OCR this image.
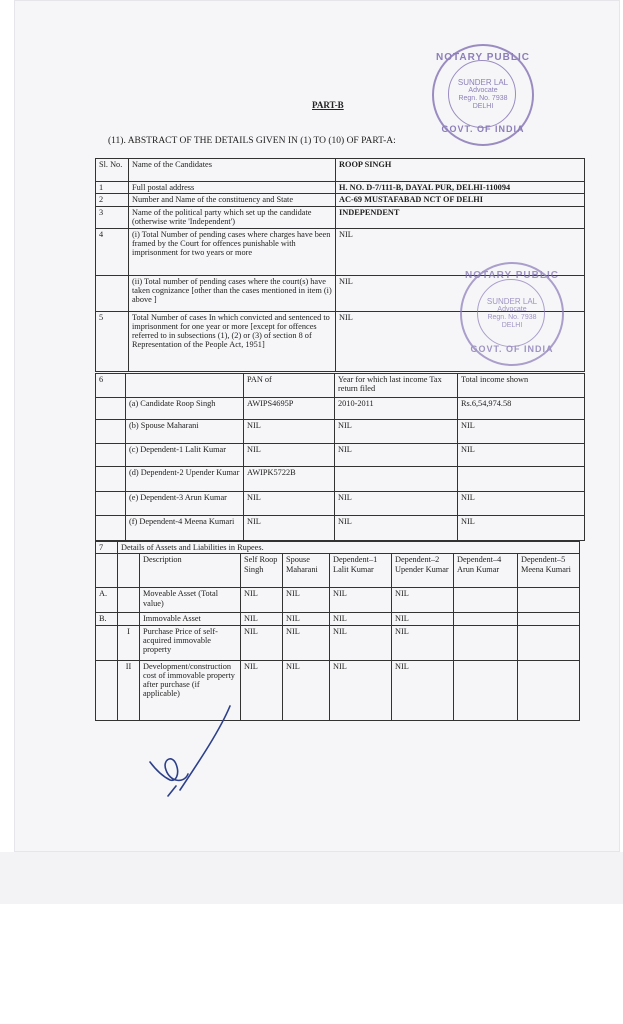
PART-B
(11). ABSTRACT OF THE DETAILS GIVEN IN (1) TO (10) OF PART-A:
NOTARY PUBLIC
SUNDER LAL
Advocate
Regn. No. 7938
DELHI
GOVT. OF INDIA
Sl. No.	Name of the Candidates	ROOP SINGH
1	Full postal address	H. NO. D-7/111-B, DAYAL PUR, DELHI-110094
2	Number and Name of the constituency and State	AC-69 MUSTAFABAD NCT OF DELHI
3	Name of the political party which set up the candidate (otherwise write 'Independent')	INDEPENDENT
4	(i) Total Number of pending cases where charges have been framed by the Court for offences punishable with imprisonment for two years or more	NIL
	(ii) Total number of pending cases where the court(s) have taken cognizance [other than the cases mentioned in item (i) above ]	NIL
5	Total Number of cases In which convicted and sentenced to imprisonment for one year or more [except for offences referred to in subsections (1), (2) or (3) of section 8 of Representation of the People Act, 1951]	NIL
6		PAN of	Year for which last income Tax return filed	Total income shown
	(a) Candidate Roop Singh	AWIPS4695P	2010-2011	Rs.6,54,974.58
	(b) Spouse Maharani	NIL	NIL	NIL
	(c) Dependent-1 Lalit Kumar	NIL	NIL	NIL
	(d) Dependent-2 Upender Kumar	AWIPK5722B		
	(e) Dependent-3 Arun Kumar	NIL	NIL	NIL
	(f) Dependent-4 Meena Kumari	NIL	NIL	NIL
7	Details of Assets and Liabilities in Rupees.							
		Description	Self Roop Singh	Spouse Maharani	Dependent–1 Lalit Kumar	Dependent–2 Upender Kumar	Dependent–4 Arun Kumar	Dependent–5 Meena Kumari
A.		Moveable Asset (Total value)	NIL	NIL	NIL	NIL		
B.		Immovable Asset	NIL	NIL	NIL	NIL		
	I	Purchase Price of self-acquired immovable property	NIL	NIL	NIL	NIL		
	II	Development/construction cost of immovable property after purchase (if applicable)	NIL	NIL	NIL	NIL		
NOTARY PUBLIC
SUNDER LAL
Advocate
Regn. No. 7938
DELHI
GOVT. OF INDIA
